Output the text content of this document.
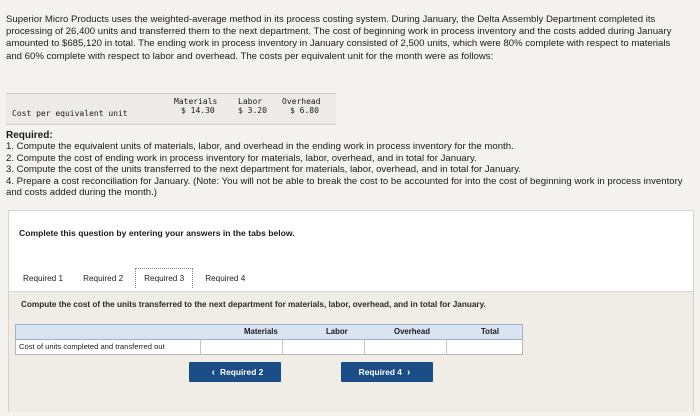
Superior Micro Products uses the weighted-average method in its process costing system. During January, the Delta Assembly Department completed its processing of 26,400 units and transferred them to the next department. The cost of beginning work in process inventory and the costs added during January amounted to $685,120 in total. The ending work in process inventory in January consisted of 2,500 units, which were 80% complete with respect to materials and 60% complete with respect to labor and overhead. The costs per equivalent unit for the month were as follows:
Cost per equivalent unit
Materials	Labor Overhead
$ 14.30	$ 3.20	$ 6.80
Required:
1. Compute the equivalent units of materials, labor, and overhead in the ending work in process inventory for the month.
2. Compute the cost of ending work in process inventory for materials, labor, overhead, and in total for January.
3. Compute the cost of the units transferred to the next department for materials, labor, overhead, and in total for January.
4. Prepare a cost reconciliation for January. (Note: You will not be able to break the cost to be accounted for into the cost of beginning work in process inventory and costs added during the month.)
Complete this question by entering your answers in the tabs below.
Required 1	Required 2	Required 3	Required 4
Compute the cost of the units transferred to the next department for materials, labor, overhead, and in total for January.
Materials	Labor	Overhead	Total
Cost of units completed and transferred out
‹ Required 2	Required 4 ›
